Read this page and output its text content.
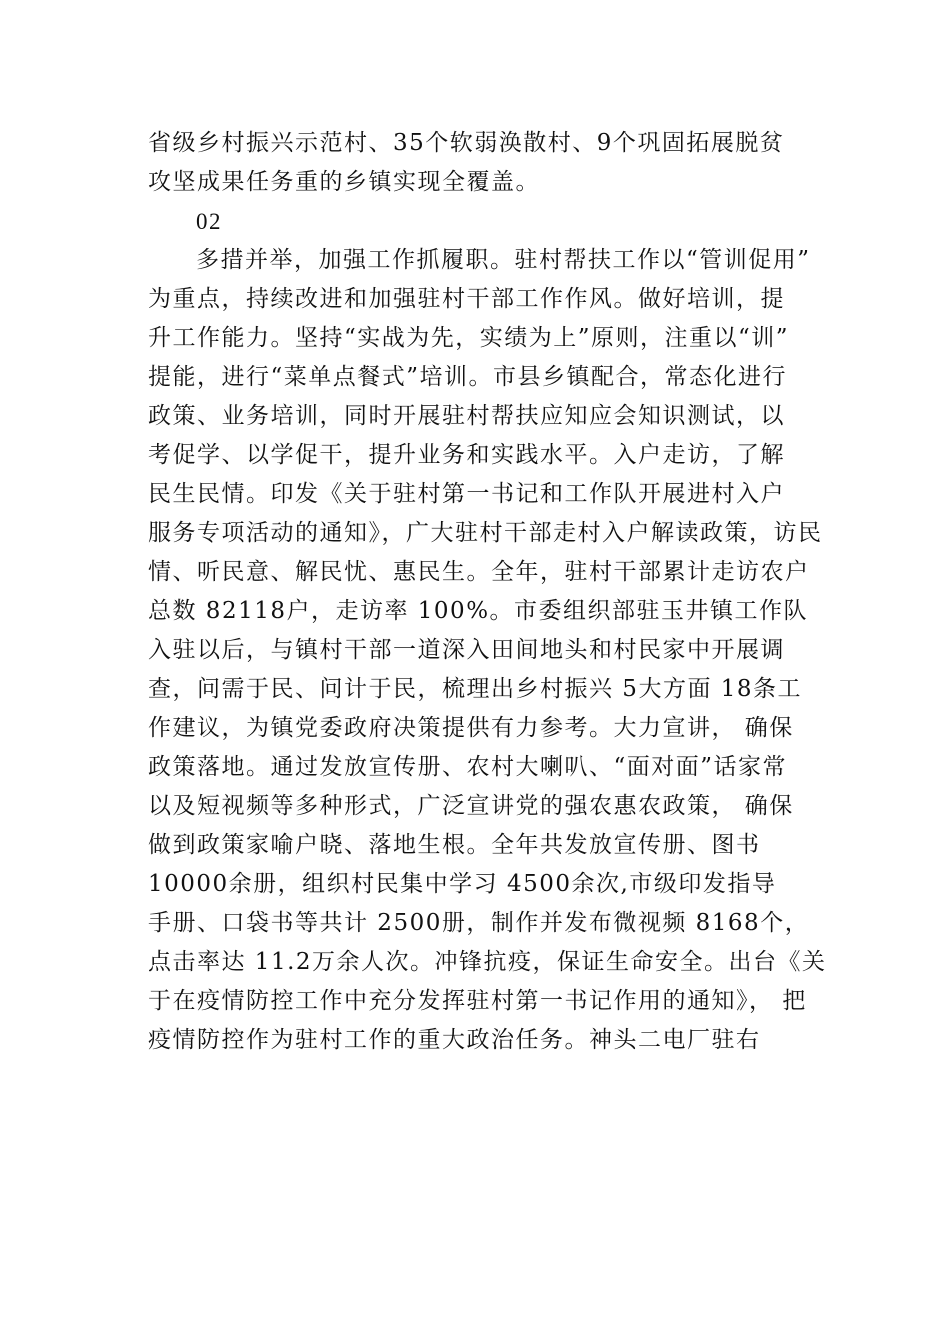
省级乡村振兴示范村、35个软弱涣散村、9个巩固拓展脱贫
攻坚成果任务重的乡镇实现全覆盖。
02
多措并举，加强工作抓履职。驻村帮扶工作以“管训促用”
为重点，持续改进和加强驻村干部工作作风。做好培训，提
升工作能力。坚持“实战为先，实绩为上”原则，注重以“训”
提能，进行“菜单点餐式”培训。市县乡镇配合，常态化进行
政策、业务培训，同时开展驻村帮扶应知应会知识测试，以
考促学、以学促干，提升业务和实践水平。入户走访，了解
民生民情。印发《关于驻村第一书记和工作队开展进村入户
服务专项活动的通知》，广大驻村干部走村入户解读政策，访民
情、听民意、解民忧、惠民生。全年，驻村干部累计走访农户
总数 82118户，走访率 100%。市委组织部驻玉井镇工作队
入驻以后，与镇村干部一道深入田间地头和村民家中开展调
查，问需于民、问计于民，梳理出乡村振兴 5大方面 18条工
作建议，为镇党委政府决策提供有力参考。大力宣讲， 确保
政策落地。通过发放宣传册、农村大喇叭、“面对面”话家常
以及短视频等多种形式，广泛宣讲党的强农惠农政策， 确保
做到政策家喻户晓、落地生根。全年共发放宣传册、图书
10000余册，组织村民集中学习 4500余次,市级印发指导
手册、口袋书等共计 2500册，制作并发布微视频 8168个，
点击率达 11.2万余人次。冲锋抗疫，保证生命安全。出台《关
于在疫情防控工作中充分发挥驻村第一书记作用的通知》， 把
疫情防控作为驻村工作的重大政治任务。神头二电厂驻右
